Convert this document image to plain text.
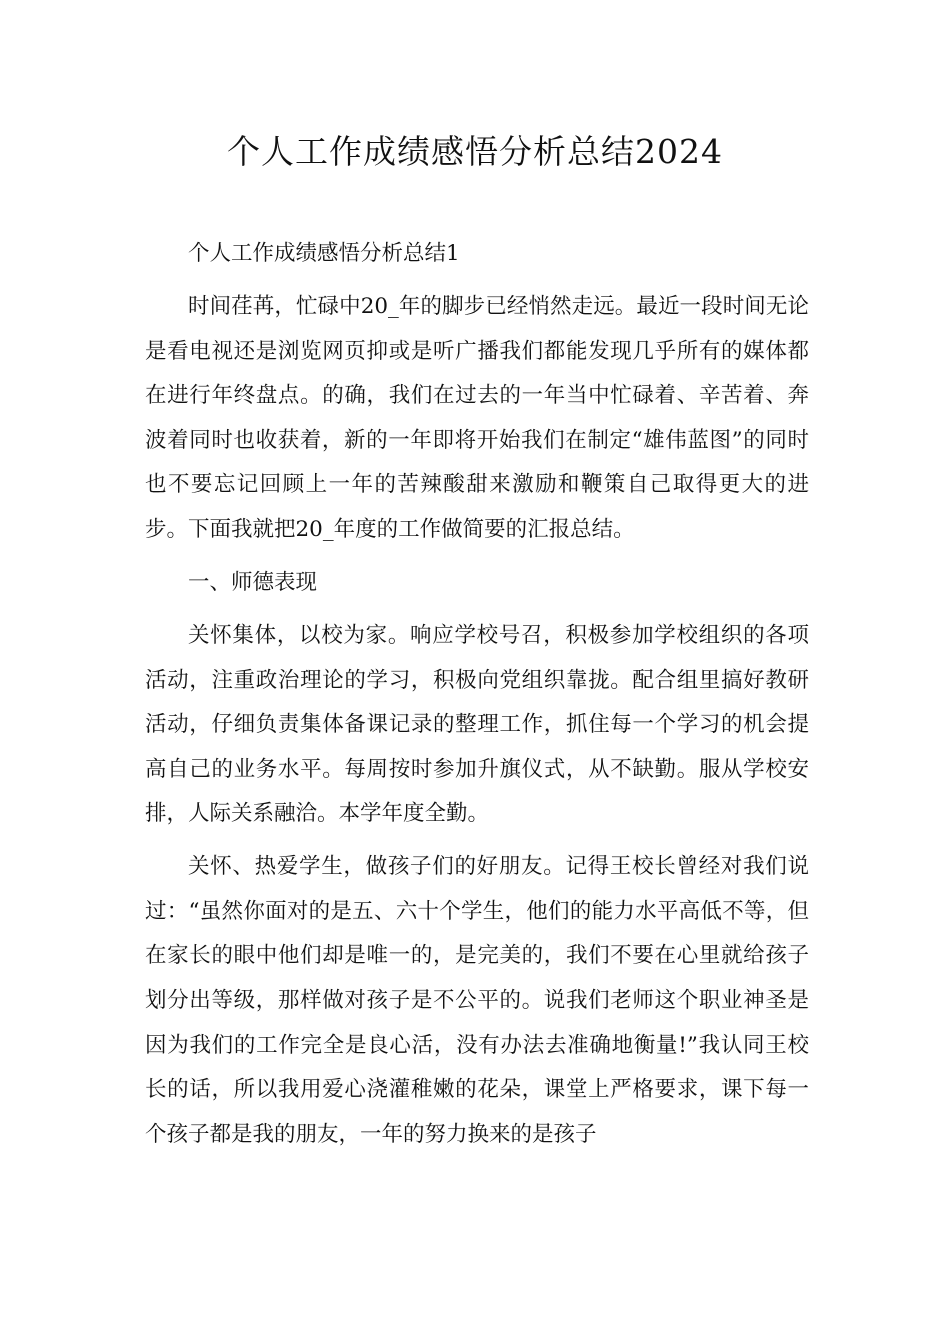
个人工作成绩感悟分析总结2024

个人工作成绩感悟分析总结1

时间荏苒，忙碌中20_年的脚步已经悄然走远。最近一段时间无论是看电视还是浏览网页抑或是听广播我们都能发现几乎所有的媒体都在进行年终盘点。的确，我们在过去的一年当中忙碌着、辛苦着、奔波着同时也收获着，新的一年即将开始我们在制定“雄伟蓝图”的同时也不要忘记回顾上一年的苦辣酸甜来激励和鞭策自己取得更大的进步。下面我就把20_年度的工作做简要的汇报总结。

一、师德表现

关怀集体，以校为家。响应学校号召，积极参加学校组织的各项活动，注重政治理论的学习，积极向党组织靠拢。配合组里搞好教研活动，仔细负责集体备课记录的整理工作，抓住每一个学习的机会提高自己的业务水平。每周按时参加升旗仪式，从不缺勤。服从学校安排，人际关系融洽。本学年度全勤。

关怀、热爱学生，做孩子们的好朋友。记得王校长曾经对我们说过：“虽然你面对的是五、六十个学生，他们的能力水平高低不等，但在家长的眼中他们却是唯一的，是完美的，我们不要在心里就给孩子划分出等级，那样做对孩子是不公平的。说我们老师这个职业神圣是因为我们的工作完全是良心活，没有办法去准确地衡量!”我认同王校长的话，所以我用爱心浇灌稚嫩的花朵，课堂上严格要求，课下每一个孩子都是我的朋友，一年的努力换来的是孩子
